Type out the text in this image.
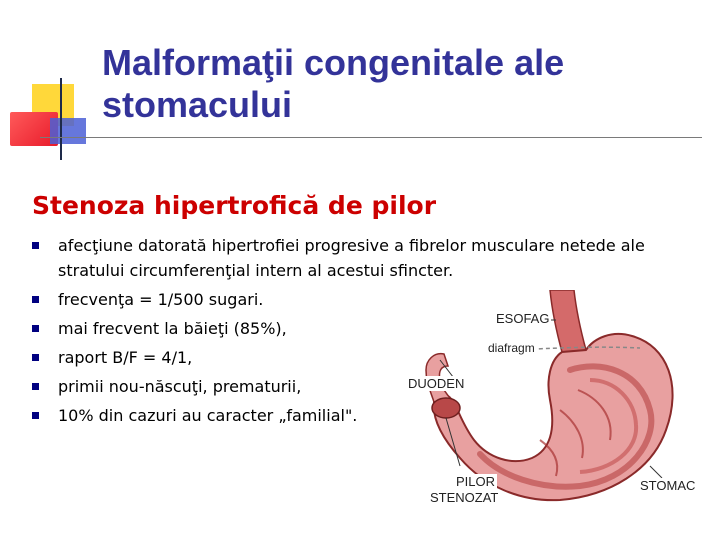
Malformaţii congenitale ale stomacului
Stenoza hipertrofică de pilor
afecţiune datorată hipertrofiei progresive a fibrelor musculare netede ale stratului circumferenţial intern al acestui sfincter.
frecvenţa = 1/500 sugari.
mai frecvent la băieţi (85%),
raport B/F = 4/1,
primii nou-născuţi, prematurii,
10% din cazuri au caracter „familial".
ESOFAG
diafragm
DUODEN
PILOR
STENOZAT
STOMAC
